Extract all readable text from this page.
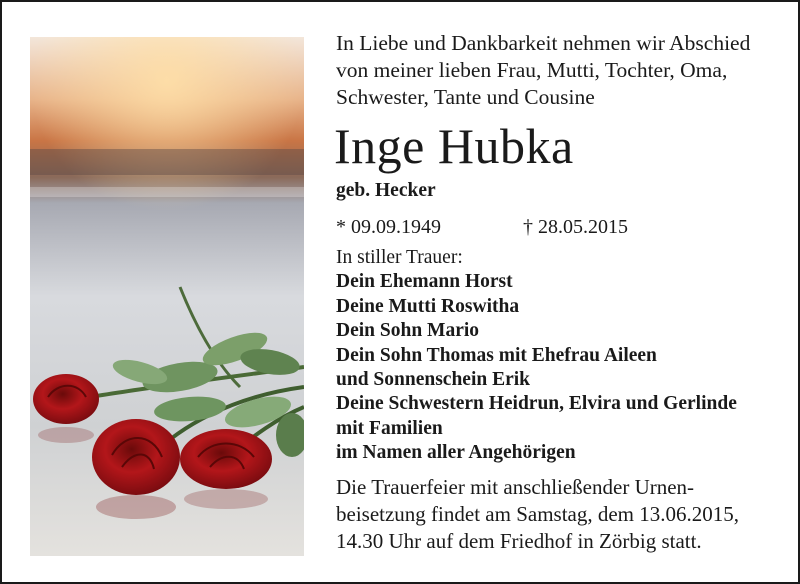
In Liebe und Dankbarkeit nehmen wir Abschied
von meiner lieben Frau, Mutti, Tochter, Oma,
Schwester, Tante und Cousine
Inge Hubka
geb. Hecker
* 09.09.1949	† 28.05.2015
In stiller Trauer:
Dein Ehemann Horst
Deine Mutti Roswitha
Dein Sohn Mario
Dein Sohn Thomas mit Ehefrau Aileen
und Sonnenschein Erik
Deine Schwestern Heidrun, Elvira und Gerlinde
mit Familien
im Namen aller Angehörigen
Die Trauerfeier mit anschließender Urnen-
beisetzung findet am Samstag, dem 13.06.2015,
14.30 Uhr auf dem Friedhof in Zörbig statt.
